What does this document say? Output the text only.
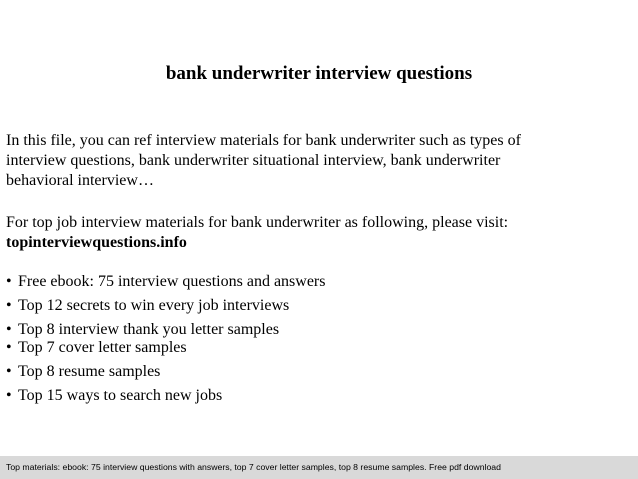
bank underwriter interview questions
In this file, you can ref interview materials for bank underwriter such as types of
interview questions, bank underwriter situational interview, bank underwriter
behavioral interview…
For top job interview materials for bank underwriter as following, please visit:
topinterviewquestions.info
• Free ebook: 75 interview questions and answers
• Top 12 secrets to win every job interviews
• Top 8 interview thank you letter samples
• Top 7 cover letter samples
• Top 8 resume samples
• Top 15 ways to search new jobs
Top materials: ebook: 75 interview questions with answers, top 7 cover letter samples, top 8 resume samples. Free pdf download
